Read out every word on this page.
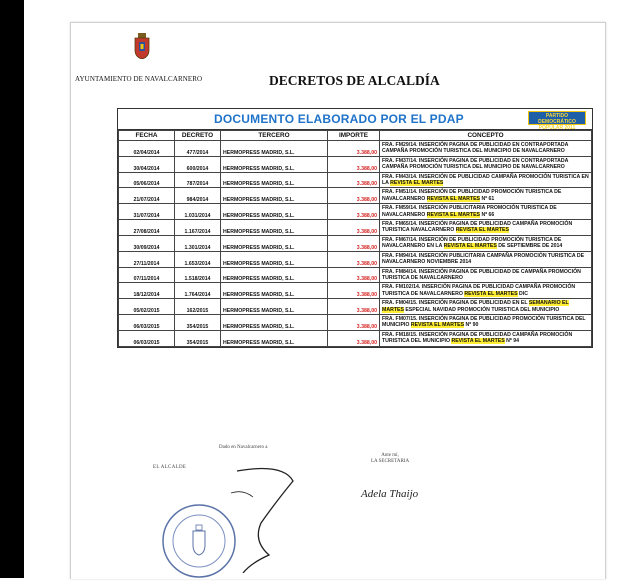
AYUNTAMIENTO DE NAVALCARNERO	DECRETOS DE ALCALDÍA
DOCUMENTO ELABORADO POR EL PDAP	PARTIDO DEMOCRÁTICO POPULAR 2011
FECHA	DECRETO	TERCERO	IMPORTE	CONCEPTO
02/04/2014	477/2014	HERMOPRESS MADRID, S.L.	3.388,00	FRA. FM29/14. INSERCIÓN PAGINA DE PUBLICIDAD EN CONTRAPORTADA CAMPAÑA PROMOCIÓN TURISTICA DEL MUNICIPIO DE NAVALCARNERO
30/04/2014	600/2014	HERMOPRESS MADRID, S.L.	3.388,00	FRA. FM37/14. INSERCIÓN PAGINA DE PUBLICIDAD EN CONTRAPORTADA CAMPAÑA PROMOCIÓN TURISTICA DEL MUNICIPIO DE NAVALCARNERO
05/06/2014	787/2014	HERMOPRESS MADRID, S.L.	3.388,00	FRA. FM43/14. INSERCIÓN DE PUBLICIDAD CAMPAÑA PROMOCIÓN TURISTICA EN LA REVISTA EL MARTES
21/07/2014	984/2014	HERMOPRESS MADRID, S.L.	3.388,00	FRA. FM51/14. INSERCIÓN DE PUBLICIDAD PROMOCIÓN TURISTICA DE NAVALCARNERO REVISTA EL MARTES Nº 61
31/07/2014	1.031/2014	HERMOPRESS MADRID, S.L.	3.388,00	FRA. FM59/14. INSERCIÓN PUBLICITARIA PROMOCIÓN TURISTICA DE NAVALCARNERO REVISTA EL MARTES Nº 66
27/08/2014	1.167/2014	HERMOPRESS MADRID, S.L.	3.388,00	FRA. FM65/14. INSERCIÓN PAGINA DE PUBLICIDAD CAMPAÑA PROMOCIÓN TURISTICA NAVALCARNERO REVISTA EL MARTES
30/09/2014	1.301/2014	HERMOPRESS MADRID, S.L.	3.388,00	FRA. FM67/14. INSERCIÓN DE PUBLICIDAD PROMOCIÓN TURISTICA DE NAVALCARNERO EN LA REVISTA EL MARTES DE SEPTIEMBRE DE 2014
27/11/2014	1.653/2014	HERMOPRESS MADRID, S.L.	3.388,00	FRA. FM94/14. INSERCIÓN PUBLICITARIA CAMPAÑA PROMOCIÓN TURISTICA DE NAVALCARNERO NOVIEMBRE 2014
07/11/2014	1.518/2014	HERMOPRESS MADRID, S.L.	3.388,00	FRA. FM84/14. INSERCIÓN PAGINA DE PUBLICIDAD DE CAMPAÑA PROMOCIÓN TURISTICA DE NAVALCARNERO
18/12/2014	1.764/2014	HERMOPRESS MADRID, S.L.	3.388,00	FRA. FM102/14. INSERCIÓN PAGINA DE PUBLICIDAD CAMPAÑA PROMOCIÓN TURISTICA DE NAVALCARNERO REVISTA EL MARTES DIC
05/02/2015	162/2015	HERMOPRESS MADRID, S.L.	3.388,00	FRA. FM04/15. INSERCIÓN PAGINA DE PUBLICIDAD EN EL SEMANARIO EL MARTES ESPECIAL NAVIDAD PROMOCIÓN TURISTICA DEL MUNICIPIO
06/03/2015	354/2015	HERMOPRESS MADRID, S.L.	3.388,00	FRA. FM07/15. INSERCIÓN PAGINA DE PUBLICIDAD PROMOCIÓN TURISTICA DEL MUNICIPIO REVISTA EL MARTES Nº 90
06/03/2015	354/2015	HERMOPRESS MADRID, S.L.	3.388,00	FRA. FM18/15. INSERCIÓN PAGINA DE PUBLICIDAD CAMPAÑA PROMOCIÓN TURISTICA DEL MUNICIPIO REVISTA EL MARTES Nº 94
Dado en Navalcarnero a
EL ALCALDE
Ante mí,
LA SECRETARIA
Adela Thaijo
